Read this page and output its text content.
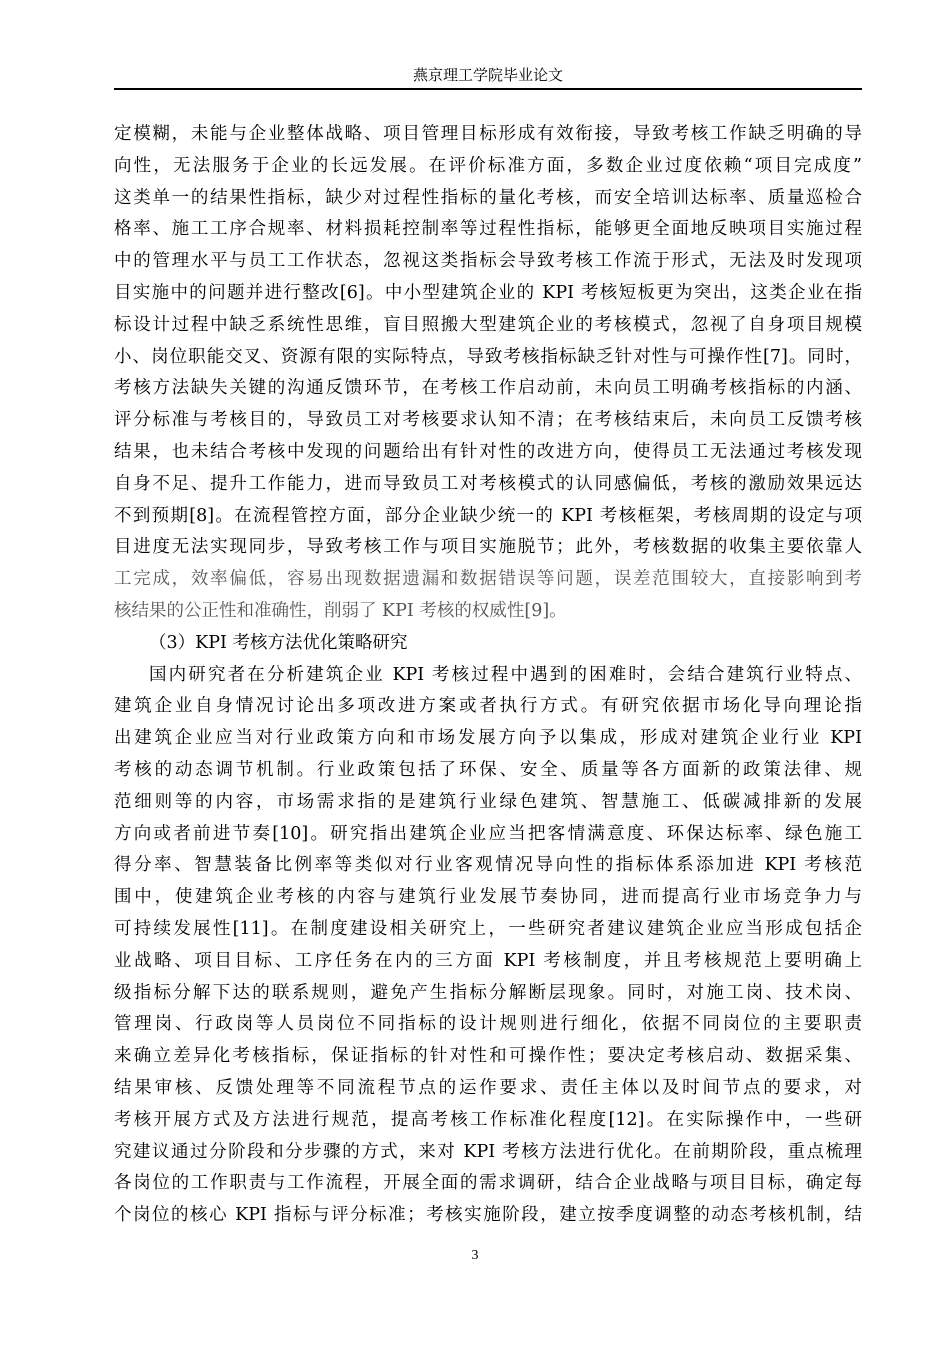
燕京理工学院毕业论文
定模糊，未能与企业整体战略、项目管理目标形成有效衔接，导致考核工作缺乏明确的导
向性，无法服务于企业的长远发展。在评价标准方面，多数企业过度依赖“项目完成度”
这类单一的结果性指标，缺少对过程性指标的量化考核，而安全培训达标率、质量巡检合
格率、施工工序合规率、材料损耗控制率等过程性指标，能够更全面地反映项目实施过程
中的管理水平与员工工作状态，忽视这类指标会导致考核工作流于形式，无法及时发现项
目实施中的问题并进行整改[6]。中小型建筑企业的 KPI 考核短板更为突出，这类企业在指
标设计过程中缺乏系统性思维，盲目照搬大型建筑企业的考核模式，忽视了自身项目规模
小、岗位职能交叉、资源有限的实际特点，导致考核指标缺乏针对性与可操作性[7]。同时，
考核方法缺失关键的沟通反馈环节，在考核工作启动前，未向员工明确考核指标的内涵、
评分标准与考核目的，导致员工对考核要求认知不清；在考核结束后，未向员工反馈考核
结果，也未结合考核中发现的问题给出有针对性的改进方向，使得员工无法通过考核发现
自身不足、提升工作能力，进而导致员工对考核模式的认同感偏低，考核的激励效果远达
不到预期[8]。在流程管控方面，部分企业缺少统一的 KPI 考核框架，考核周期的设定与项
目进度无法实现同步，导致考核工作与项目实施脱节；此外，考核数据的收集主要依靠人
工完成，效率偏低，容易出现数据遗漏和数据错误等问题，误差范围较大，直接影响到考
核结果的公正性和准确性，削弱了 KPI 考核的权威性[9]。
（3）KPI 考核方法优化策略研究
国内研究者在分析建筑企业 KPI 考核过程中遇到的困难时，会结合建筑行业特点、
建筑企业自身情况讨论出多项改进方案或者执行方式。有研究依据市场化导向理论指
出建筑企业应当对行业政策方向和市场发展方向予以集成，形成对建筑企业行业 KPI
考核的动态调节机制。行业政策包括了环保、安全、质量等各方面新的政策法律、规
范细则等的内容，市场需求指的是建筑行业绿色建筑、智慧施工、低碳减排新的发展
方向或者前进节奏[10]。研究指出建筑企业应当把客情满意度、环保达标率、绿色施工
得分率、智慧装备比例率等类似对行业客观情况导向性的指标体系添加进 KPI 考核范
围中，使建筑企业考核的内容与建筑行业发展节奏协同，进而提高行业市场竞争力与
可持续发展性[11]。在制度建设相关研究上，一些研究者建议建筑企业应当形成包括企
业战略、项目目标、工序任务在内的三方面 KPI 考核制度，并且考核规范上要明确上
级指标分解下达的联系规则，避免产生指标分解断层现象。同时，对施工岗、技术岗、
管理岗、行政岗等人员岗位不同指标的设计规则进行细化，依据不同岗位的主要职责
来确立差异化考核指标，保证指标的针对性和可操作性；要决定考核启动、数据采集、
结果审核、反馈处理等不同流程节点的运作要求、责任主体以及时间节点的要求，对
考核开展方式及方法进行规范，提高考核工作标准化程度[12]。在实际操作中，一些研
究建议通过分阶段和分步骤的方式，来对 KPI 考核方法进行优化。在前期阶段，重点梳理
各岗位的工作职责与工作流程，开展全面的需求调研，结合企业战略与项目目标，确定每
个岗位的核心 KPI 指标与评分标准；考核实施阶段，建立按季度调整的动态考核机制，结
3
